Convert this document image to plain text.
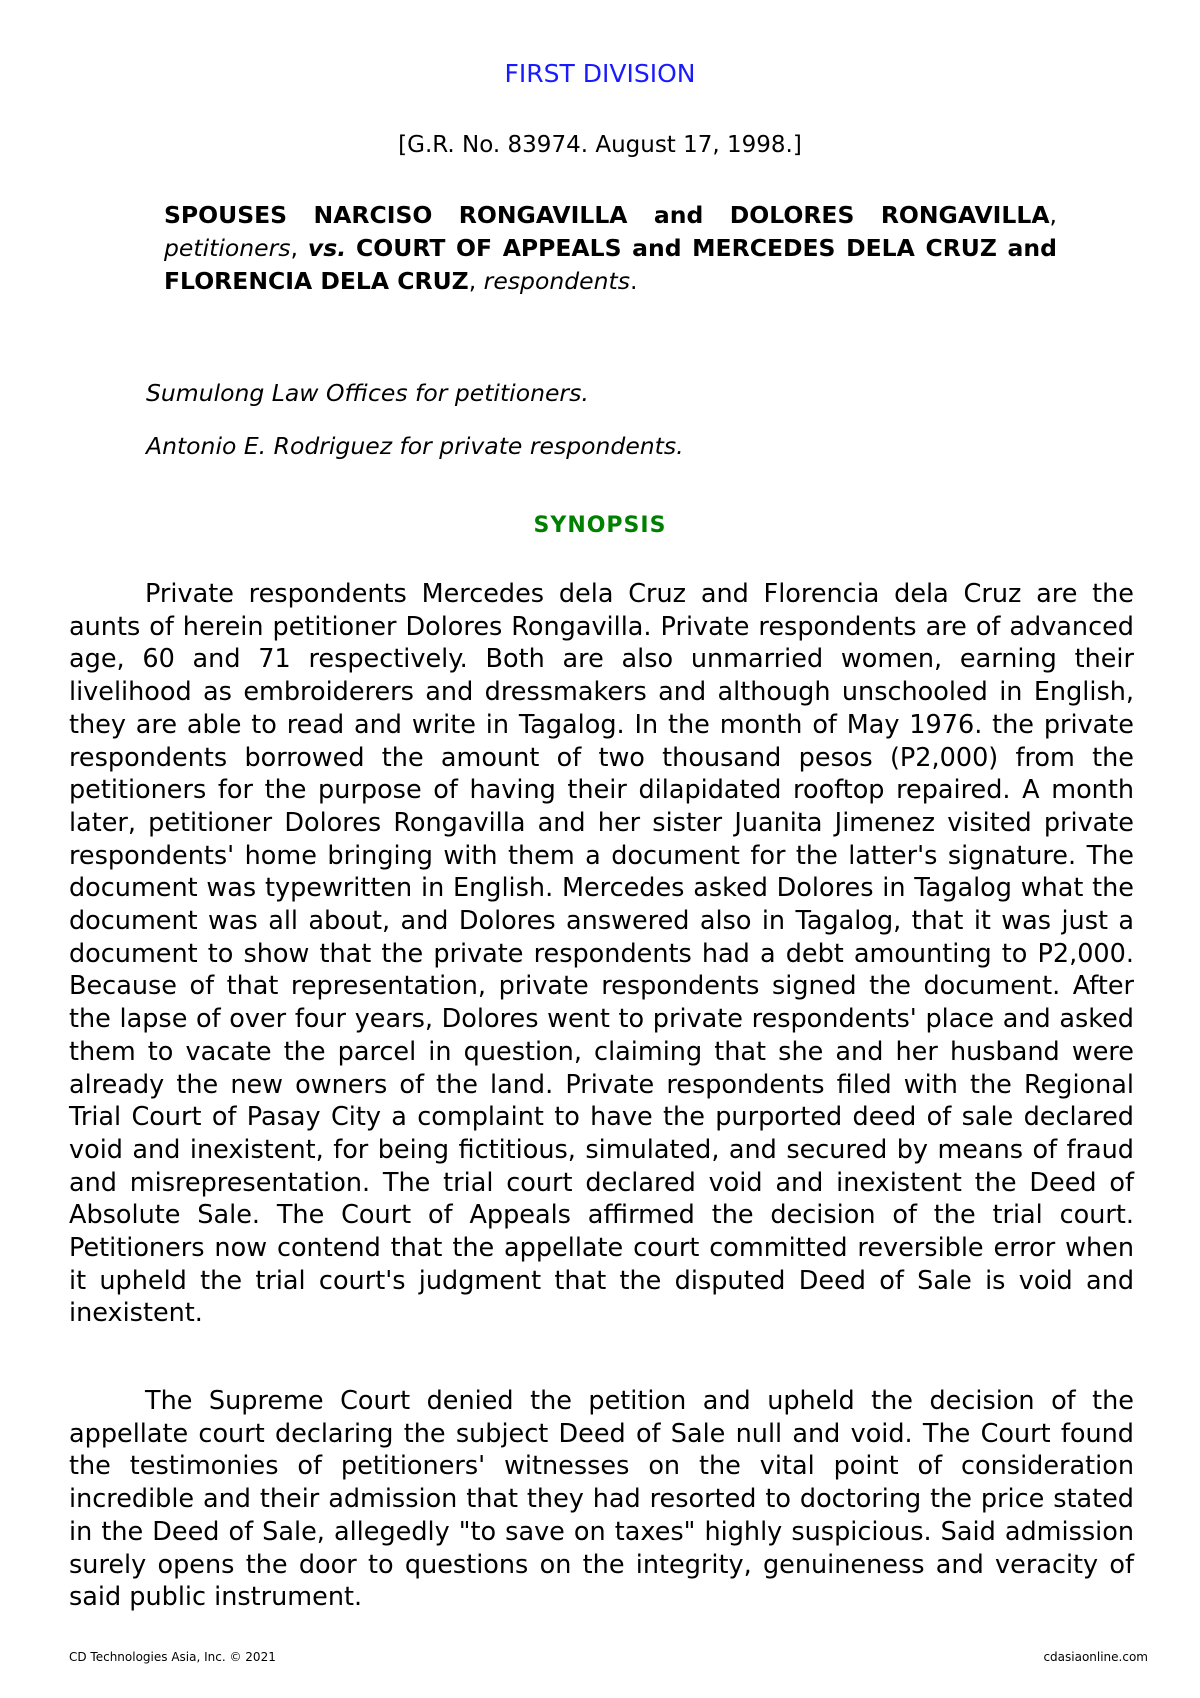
FIRST DIVISION
[G.R. No. 83974. August 17, 1998.]
SPOUSES NARCISO RONGAVILLA and DOLORES RONGAVILLA, petitioners, vs. COURT OF APPEALS and MERCEDES DELA CRUZ and FLORENCIA DELA CRUZ, respondents.
Sumulong Law Offices for petitioners.
Antonio E. Rodriguez for private respondents.
SYNOPSIS

Private respondents Mercedes dela Cruz and Florencia dela Cruz are the aunts of herein petitioner Dolores Rongavilla. Private respondents are of advanced age, 60 and 71 respectively. Both are also unmarried women, earning their livelihood as embroiderers and dressmakers and although unschooled in English, they are able to read and write in Tagalog. In the month of May 1976. the private respondents borrowed the amount of two thousand pesos (P2,000) from the petitioners for the purpose of having their dilapidated rooftop repaired. A month later, petitioner Dolores Rongavilla and her sister Juanita Jimenez visited private respondents' home bringing with them a document for the latter's signature. The document was typewritten in English. Mercedes asked Dolores in Tagalog what the document was all about, and Dolores answered also in Tagalog, that it was just a document to show that the private respondents had a debt amounting to P2,000. Because of that representation, private respondents signed the document. After the lapse of over four years, Dolores went to private respondents' place and asked them to vacate the parcel in question, claiming that she and her husband were already the new owners of the land. Private respondents filed with the Regional Trial Court of Pasay City a complaint to have the purported deed of sale declared void and inexistent, for being fictitious, simulated, and secured by means of fraud and misrepresentation. The trial court declared void and inexistent the Deed of Absolute Sale. The Court of Appeals affirmed the decision of the trial court. Petitioners now contend that the appellate court committed reversible error when it upheld the trial court's judgment that the disputed Deed of Sale is void and inexistent.

The Supreme Court denied the petition and upheld the decision of the appellate court declaring the subject Deed of Sale null and void. The Court found the testimonies of petitioners' witnesses on the vital point of consideration incredible and their admission that they had resorted to doctoring the price stated in the Deed of Sale, allegedly "to save on taxes" highly suspicious. Said admission surely opens the door to questions on the integrity, genuineness and veracity of said public instrument.

CD Technologies Asia, Inc. © 2021	cdasiaonline.com
